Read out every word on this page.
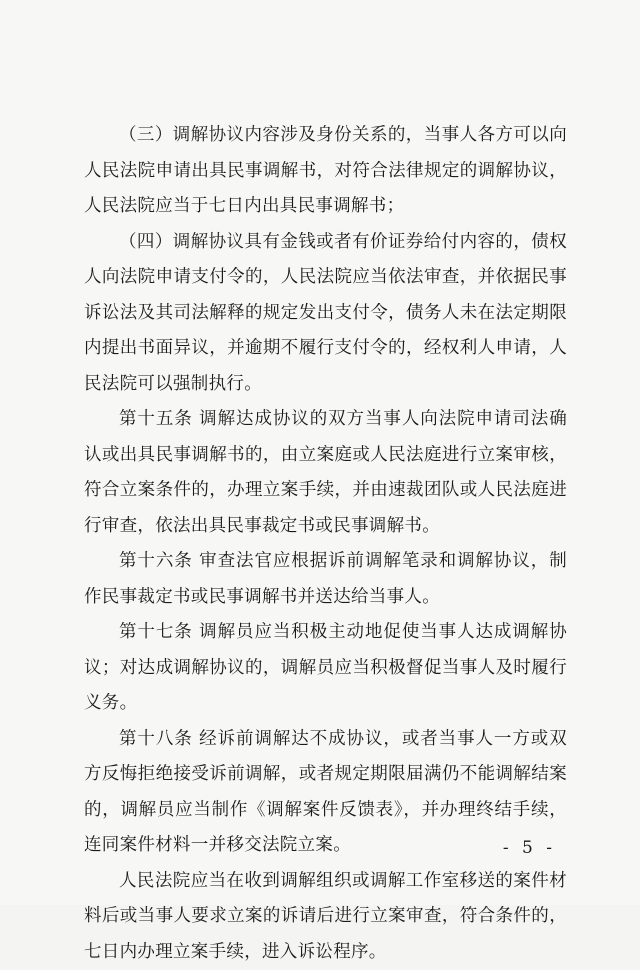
（三）调解协议内容涉及身份关系的，当事人各方可以向人民法院申请出具民事调解书，对符合法律规定的调解协议，人民法院应当于七日内出具民事调解书；

（四）调解协议具有金钱或者有价证券给付内容的，债权人向法院申请支付令的，人民法院应当依法审查，并依据民事诉讼法及其司法解释的规定发出支付令，债务人未在法定期限内提出书面异议，并逾期不履行支付令的，经权利人申请，人民法院可以强制执行。

第十五条 调解达成协议的双方当事人向法院申请司法确认或出具民事调解书的，由立案庭或人民法庭进行立案审核，符合立案条件的，办理立案手续，并由速裁团队或人民法庭进行审查，依法出具民事裁定书或民事调解书。

第十六条 审查法官应根据诉前调解笔录和调解协议，制作民事裁定书或民事调解书并送达给当事人。

第十七条 调解员应当积极主动地促使当事人达成调解协议；对达成调解协议的，调解员应当积极督促当事人及时履行义务。

第十八条 经诉前调解达不成协议，或者当事人一方或双方反悔拒绝接受诉前调解，或者规定期限届满仍不能调解结案的，调解员应当制作《调解案件反馈表》，并办理终结手续，连同案件材料一并移交法院立案。

人民法院应当在收到调解组织或调解工作室移送的案件材料后或当事人要求立案的诉请后进行立案审查，符合条件的，七日内办理立案手续，进入诉讼程序。

- 5 -
